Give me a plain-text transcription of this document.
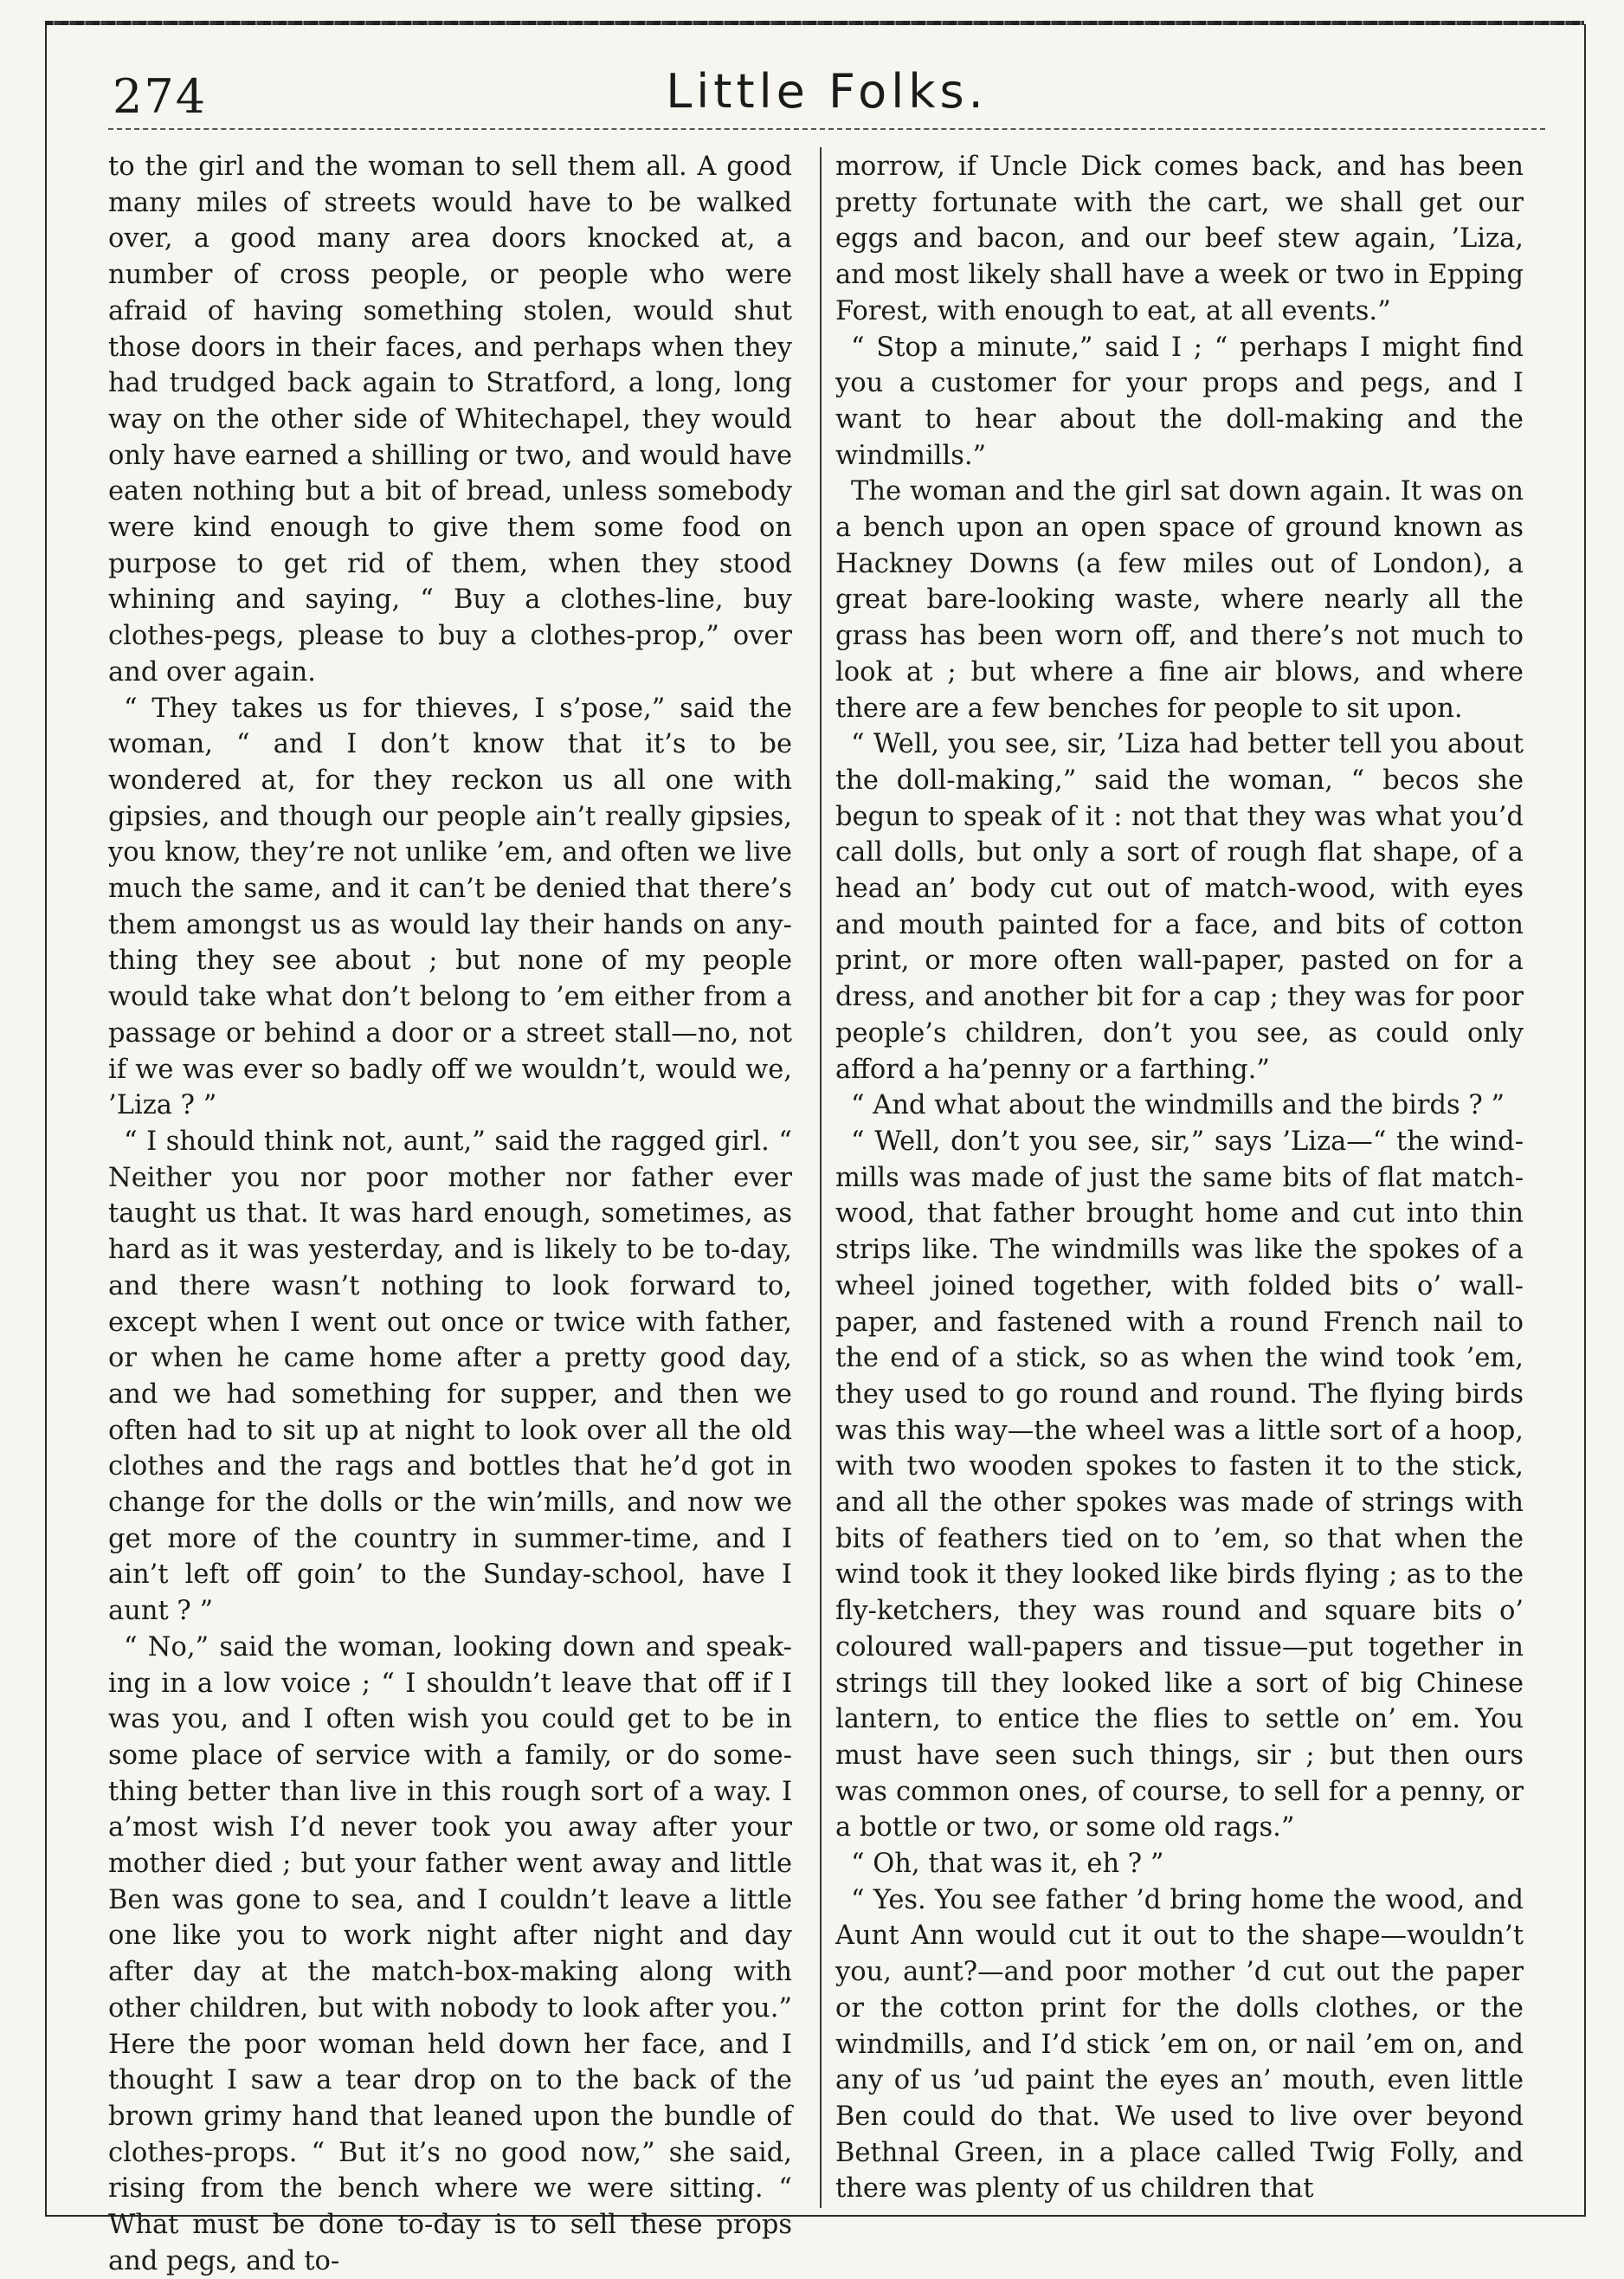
274	Little Folks.

to the girl and the woman to sell them all. A good many miles of streets would have to be walked over, a good many area doors knocked at, a number of cross people, or people who were afraid of having something stolen, would shut those doors in their faces, and perhaps when they had trudged back again to Stratford, a long, long way on the other side of Whitechapel, they would only have earned a shilling or two, and would have eaten nothing but a bit of bread, unless somebody were kind enough to give them some food on purpose to get rid of them, when they stood whining and saying, “ Buy a clothes-line, buy clothes-pegs, please to buy a clothes-prop,” over and over again.

“ They takes us for thieves, I s’pose,” said the woman, “ and I don’t know that it’s to be wondered at, for they reckon us all one with gipsies, and though our people ain’t really gipsies, you know, they’re not unlike ’em, and often we live much the same, and it can’t be denied that there’s them amongst us as would lay their hands on any-thing they see about ; but none of my people would take what don’t belong to ’em either from a passage or behind a door or a street stall—no, not if we was ever so badly off we wouldn’t, would we, ’Liza ? ”

“ I should think not, aunt,” said the ragged girl. “ Neither you nor poor mother nor father ever taught us that. It was hard enough, sometimes, as hard as it was yesterday, and is likely to be to-day, and there wasn’t nothing to look forward to, except when I went out once or twice with father, or when he came home after a pretty good day, and we had something for supper, and then we often had to sit up at night to look over all the old clothes and the rags and bottles that he’d got in change for the dolls or the win’mills, and now we get more of the country in summer-time, and I ain’t left off goin’ to the Sunday-school, have I aunt ? ”

“ No,” said the woman, looking down and speak-ing in a low voice ; “ I shouldn’t leave that off if I was you, and I often wish you could get to be in some place of service with a family, or do some-thing better than live in this rough sort of a way. I a’most wish I’d never took you away after your mother died ; but your father went away and little Ben was gone to sea, and I couldn’t leave a little one like you to work night after night and day after day at the match-box-making along with other children, but with nobody to look after you.” Here the poor woman held down her face, and I thought I saw a tear drop on to the back of the brown grimy hand that leaned upon the bundle of clothes-props. “ But it’s no good now,” she said, rising from the bench where we were sitting. “ What must be done to-day is to sell these props and pegs, and to-

morrow, if Uncle Dick comes back, and has been pretty fortunate with the cart, we shall get our eggs and bacon, and our beef stew again, ’Liza, and most likely shall have a week or two in Epping Forest, with enough to eat, at all events.”

“ Stop a minute,” said I ; “ perhaps I might find you a customer for your props and pegs, and I want to hear about the doll-making and the windmills.”

The woman and the girl sat down again. It was on a bench upon an open space of ground known as Hackney Downs (a few miles out of London), a great bare-looking waste, where nearly all the grass has been worn off, and there’s not much to look at ; but where a fine air blows, and where there are a few benches for people to sit upon.

“ Well, you see, sir, ’Liza had better tell you about the doll-making,” said the woman, “ becos she begun to speak of it : not that they was what you’d call dolls, but only a sort of rough flat shape, of a head an’ body cut out of match-wood, with eyes and mouth painted for a face, and bits of cotton print, or more often wall-paper, pasted on for a dress, and another bit for a cap ; they was for poor people’s children, don’t you see, as could only afford a ha’penny or a farthing.”

“ And what about the windmills and the birds ? ”

“ Well, don’t you see, sir,” says ’Liza—“ the wind-mills was made of just the same bits of flat match-wood, that father brought home and cut into thin strips like. The windmills was like the spokes of a wheel joined together, with folded bits o’ wall-paper, and fastened with a round French nail to the end of a stick, so as when the wind took ’em, they used to go round and round. The flying birds was this way—the wheel was a little sort of a hoop, with two wooden spokes to fasten it to the stick, and all the other spokes was made of strings with bits of feathers tied on to ’em, so that when the wind took it they looked like birds flying ; as to the fly-ketchers, they was round and square bits o’ coloured wall-papers and tissue—put together in strings till they looked like a sort of big Chinese lantern, to entice the flies to settle on’ em. You must have seen such things, sir ; but then ours was common ones, of course, to sell for a penny, or a bottle or two, or some old rags.”

“ Oh, that was it, eh ? ”

“ Yes. You see father ’d bring home the wood, and Aunt Ann would cut it out to the shape—wouldn’t you, aunt?—and poor mother ’d cut out the paper or the cotton print for the dolls clothes, or the windmills, and I’d stick ’em on, or nail ’em on, and any of us ’ud paint the eyes an’ mouth, even little Ben could do that. We used to live over beyond Bethnal Green, in a place called Twig Folly, and there was plenty of us children that
